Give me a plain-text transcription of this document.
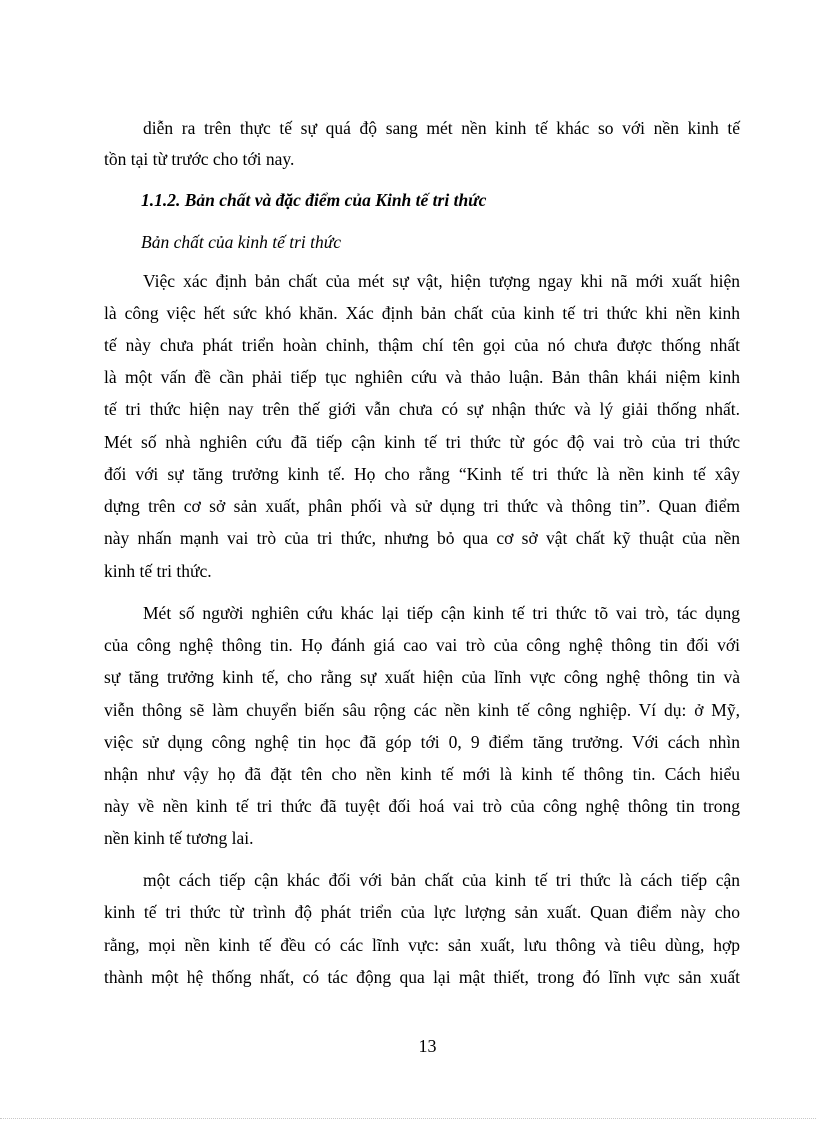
diễn ra trên thực tế sự quá độ sang mét nền kinh tế khác so với nền kinh tế
tồn tại từ trước cho tới nay.
1.1.2. Bản chất và đặc điểm của Kinh tế tri thức
Bản chất của kinh tế tri thức
Việc xác định bản chất của mét sự vật, hiện tượng ngay khi nã mới xuất hiện
là công việc hết sức khó khăn. Xác định bản chất của kinh tế tri thức khi nền kinh
tế này chưa phát triển hoàn chỉnh, thậm chí tên gọi của nó chưa được thống nhất
là một vấn đề cần phải tiếp tục nghiên cứu và thảo luận. Bản thân khái niệm kinh
tế tri thức hiện nay trên thế giới vẫn chưa có sự nhận thức và lý giải thống nhất.
Mét số nhà nghiên cứu đã tiếp cận kinh tế tri thức từ góc độ vai trò của tri thức
đối với sự tăng trưởng kinh tế. Họ cho rằng “Kinh tế tri thức là nền kinh tế xây
dựng trên cơ sở sản xuất, phân phối và sử dụng tri thức và thông tin”. Quan điểm
này nhấn mạnh vai trò của tri thức, nhưng bỏ qua cơ sở vật chất kỹ thuật của nền
kinh tế tri thức.
Mét số người nghiên cứu khác lại tiếp cận kinh tế tri thức tõ vai trò, tác dụng
của công nghệ thông tin. Họ đánh giá cao vai trò của công nghệ thông tin đối với
sự tăng trưởng kinh tế, cho rằng sự xuất hiện của lĩnh vực công nghệ thông tin và
viễn thông sẽ làm chuyển biến sâu rộng các nền kinh tế công nghiệp. Ví dụ: ở Mỹ,
việc sử dụng công nghệ tin học đã góp tới 0, 9 điểm tăng trưởng. Với cách nhìn
nhận như vậy họ đã đặt tên cho nền kinh tế mới là kinh tế thông tin. Cách hiểu
này về nền kinh tế tri thức đã tuyệt đối hoá vai trò của công nghệ thông tin trong
nền kinh tế tương lai.
một cách tiếp cận khác đối với bản chất của kinh tế tri thức là cách tiếp cận
kinh tế tri thức từ trình độ phát triển của lực lượng sản xuất. Quan điểm này cho
rằng, mọi nền kinh tế đều có các lĩnh vực: sản xuất, lưu thông và tiêu dùng, hợp
thành một hệ thống nhất, có tác động qua lại mật thiết, trong đó lĩnh vực sản xuất
13
